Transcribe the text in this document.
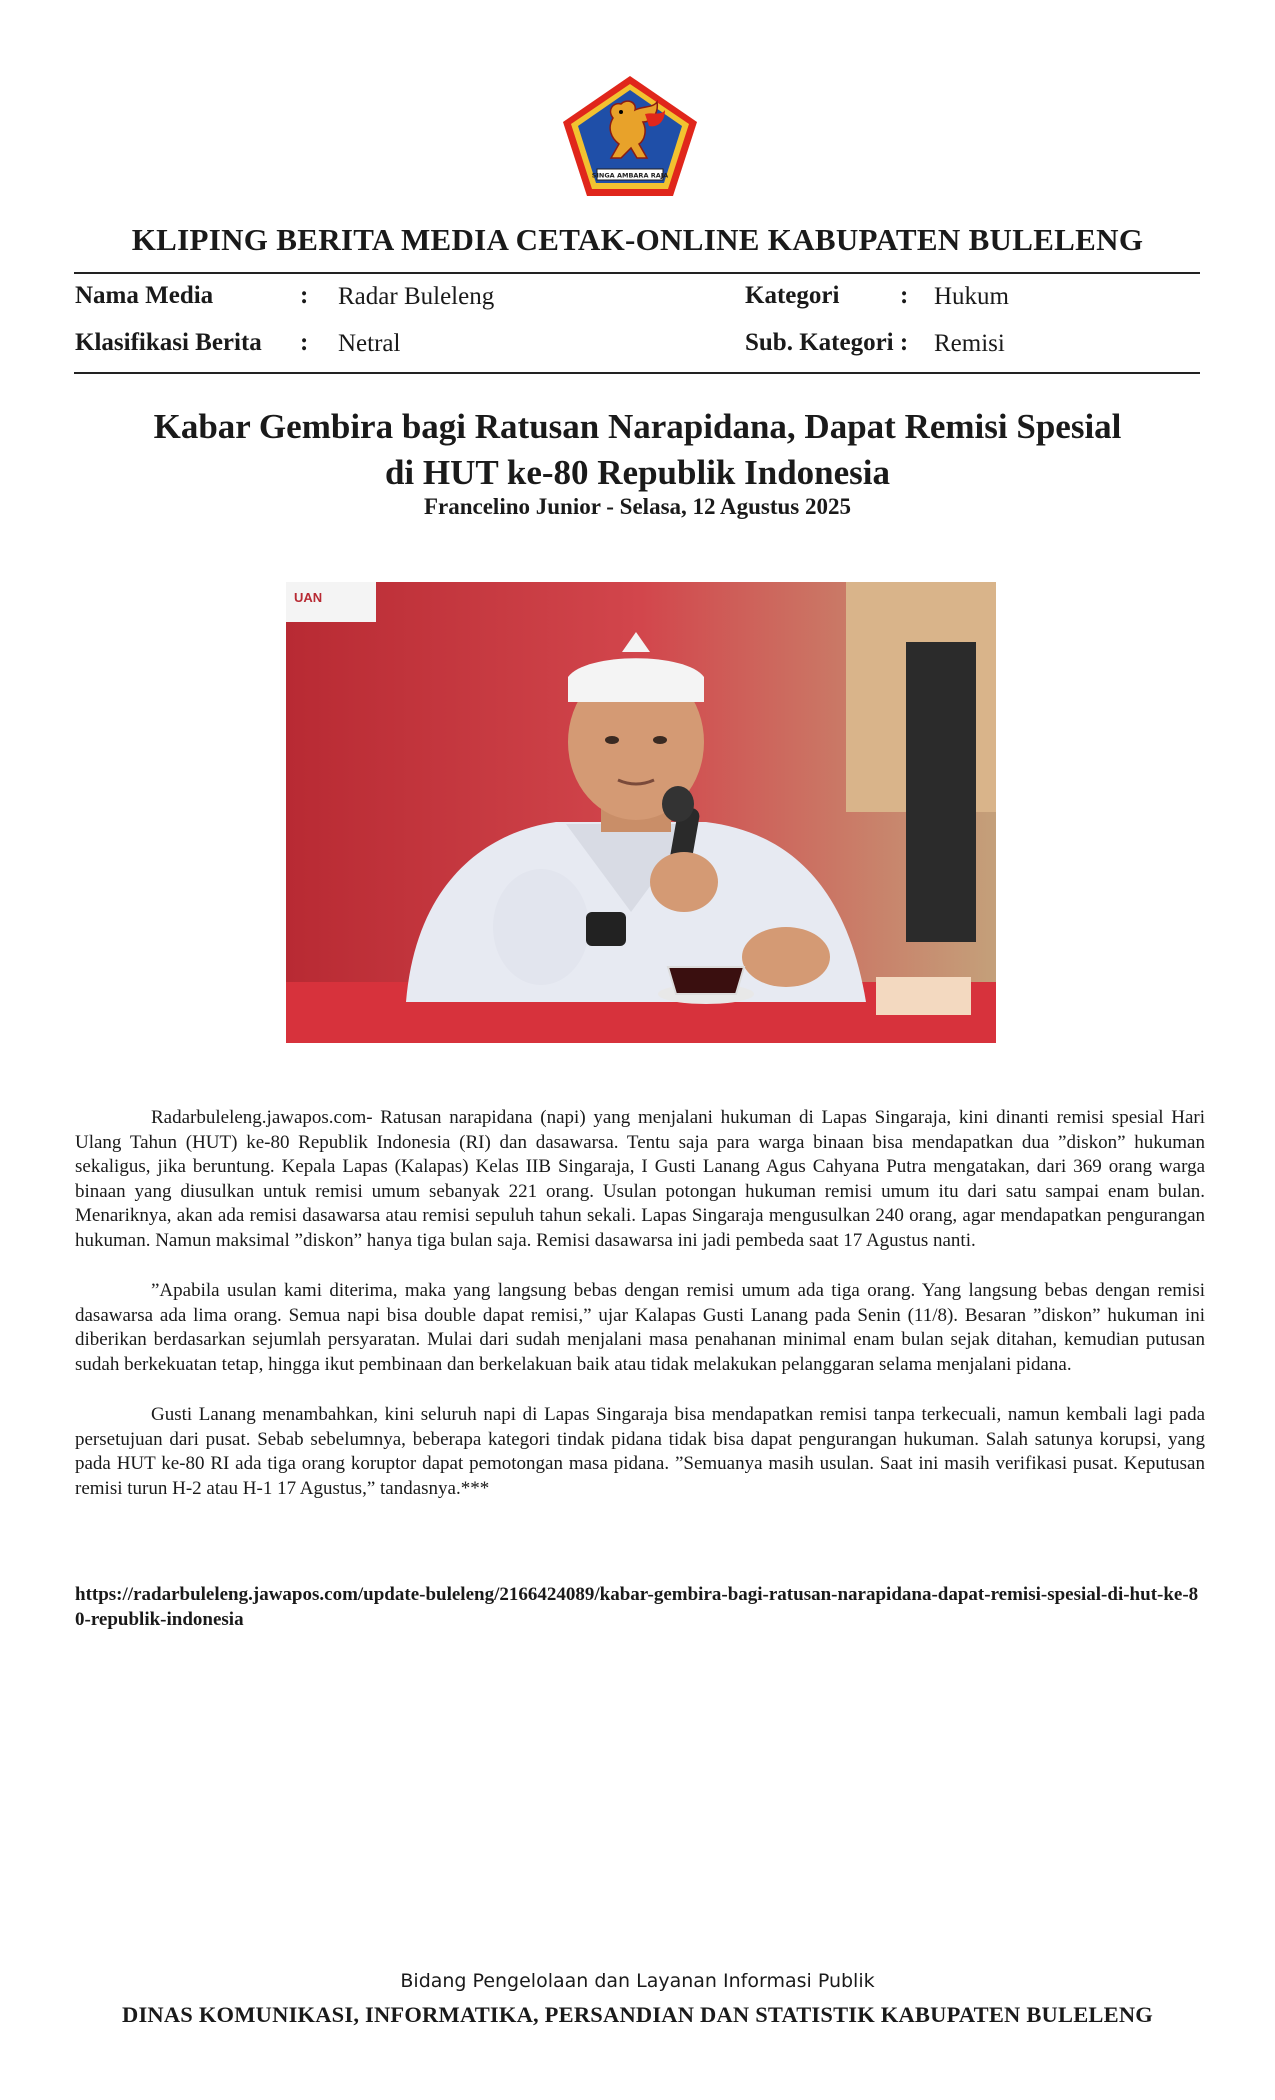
SINGA AMBARA RAJA
KLIPING BERITA MEDIA CETAK-ONLINE KABUPATEN BULELENG
Nama Media	: Radar Buleleng
Klasifikasi Berita : Netral
Kategori : Hukum
Sub. Kategori : Remisi
Kabar Gembira bagi Ratusan Narapidana, Dapat Remisi Spesial
di HUT ke-80 Republik Indonesia
Francelino Junior - Selasa, 12 Agustus 2025
UAN

Radarbuleleng.jawapos.com- Ratusan narapidana (napi) yang menjalani hukuman di Lapas Singaraja, kini dinanti remisi spesial Hari Ulang Tahun (HUT) ke-80 Republik Indonesia (RI) dan dasawarsa. Tentu saja para warga binaan bisa mendapatkan dua ”diskon” hukuman sekaligus, jika beruntung. Kepala Lapas (Kalapas) Kelas IIB Singaraja, I Gusti Lanang Agus Cahyana Putra mengatakan, dari 369 orang warga binaan yang diusulkan untuk remisi umum sebanyak 221 orang. Usulan potongan hukuman remisi umum itu dari satu sampai enam bulan. Menariknya, akan ada remisi dasawarsa atau remisi sepuluh tahun sekali. Lapas Singaraja mengusulkan 240 orang, agar mendapatkan pengurangan hukuman. Namun maksimal ”diskon” hanya tiga bulan saja. Remisi dasawarsa ini jadi pembeda saat 17 Agustus nanti.

”Apabila usulan kami diterima, maka yang langsung bebas dengan remisi umum ada tiga orang. Yang langsung bebas dengan remisi dasawarsa ada lima orang. Semua napi bisa double dapat remisi,” ujar Kalapas Gusti Lanang pada Senin (11/8). Besaran ”diskon” hukuman ini diberikan berdasarkan sejumlah persyaratan. Mulai dari sudah menjalani masa penahanan minimal enam bulan sejak ditahan, kemudian putusan sudah berkekuatan tetap, hingga ikut pembinaan dan berkelakuan baik atau tidak melakukan pelanggaran selama menjalani pidana.

Gusti Lanang menambahkan, kini seluruh napi di Lapas Singaraja bisa mendapatkan remisi tanpa terkecuali, namun kembali lagi pada persetujuan dari pusat. Sebab sebelumnya, beberapa kategori tindak pidana tidak bisa dapat pengurangan hukuman. Salah satunya korupsi, yang pada HUT ke-80 RI ada tiga orang koruptor dapat pemotongan masa pidana. ”Semuanya masih usulan. Saat ini masih verifikasi pusat. Keputusan remisi turun H-2 atau H-1 17 Agustus,” tandasnya.***

https://radarbuleleng.jawapos.com/update-buleleng/2166424089/kabar-gembira-bagi-ratusan-narapidana-dapat-remisi-spesial-di-hut-ke-80-republik-indonesia
Bidang Pengelolaan dan Layanan Informasi Publik
DINAS KOMUNIKASI, INFORMATIKA, PERSANDIAN DAN STATISTIK KABUPATEN BULELENG
